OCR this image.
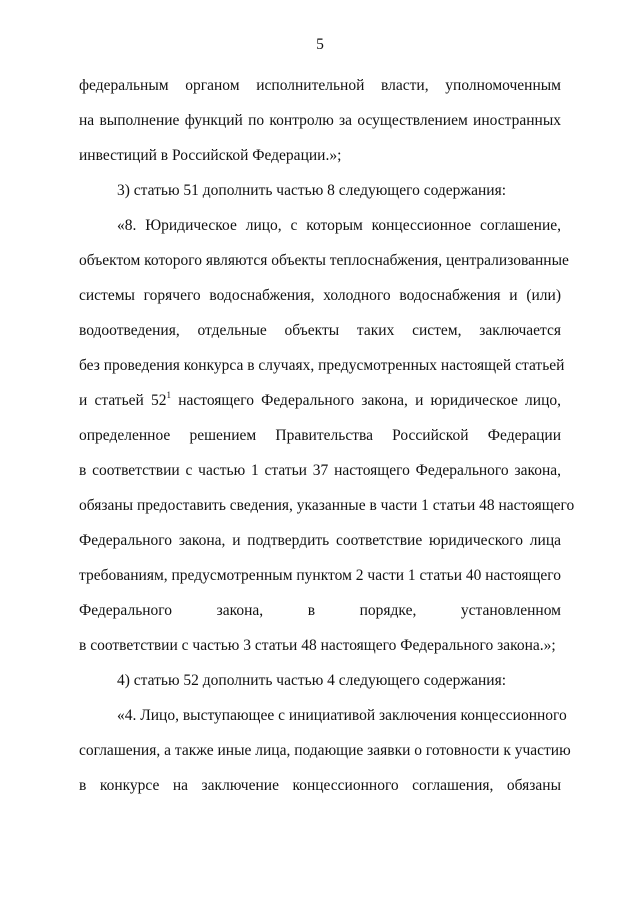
5
федеральным органом исполнительной власти, уполномоченным
на выполнение функций по контролю за осуществлением иностранных
инвестиций в Российской Федерации.»;
3) статью 51 дополнить частью 8 следующего содержания:
«8. Юридическое лицо, с которым концессионное соглашение,
объектом которого являются объекты теплоснабжения, централизованные
системы горячего водоснабжения, холодного водоснабжения и (или)
водоотведения, отдельные объекты таких систем, заключается
без проведения конкурса в случаях, предусмотренных настоящей статьей
и статьей $52^1$ настоящего Федерального закона, и юридическое лицо,
определенное решением Правительства Российской Федерации
в соответствии с частью 1 статьи 37 настоящего Федерального закона,
обязаны предоставить сведения, указанные в части 1 статьи 48 настоящего
Федерального закона, и подтвердить соответствие юридического лица
требованиям, предусмотренным пунктом 2 части 1 статьи 40 настоящего
Федерального закона, в порядке, установленном
в соответствии с частью 3 статьи 48 настоящего Федерального закона.»;
4) статью 52 дополнить частью 4 следующего содержания:
«4. Лицо, выступающее с инициативой заключения концессионного
соглашения, а также иные лица, подающие заявки о готовности к участию
в конкурсе на заключение концессионного соглашения, обязаны
